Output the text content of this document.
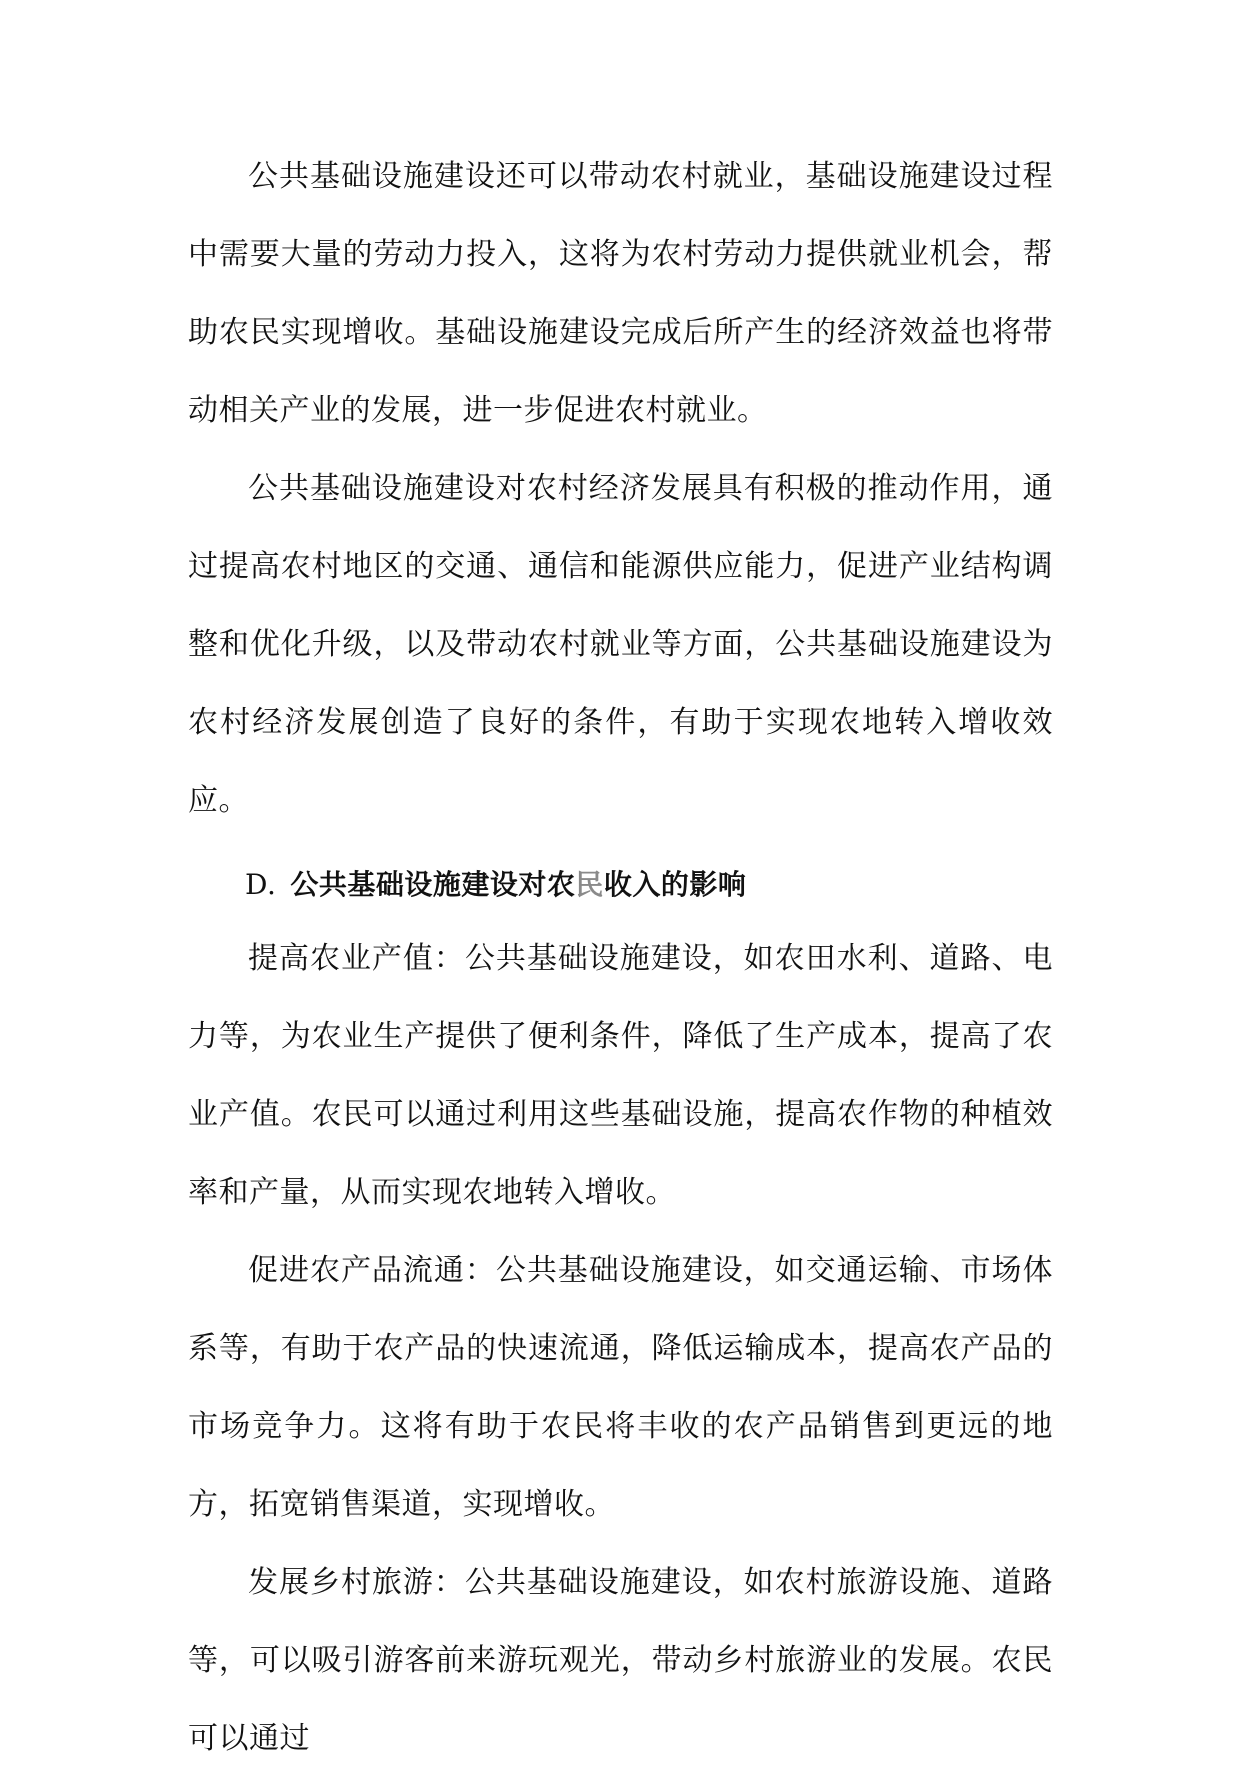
公共基础设施建设还可以带动农村就业，基础设施建设过程中需要大量的劳动力投入，这将为农村劳动力提供就业机会，帮助农民实现增收。基础设施建设完成后所产生的经济效益也将带动相关产业的发展，进一步促进农村就业。

公共基础设施建设对农村经济发展具有积极的推动作用，通过提高农村地区的交通、通信和能源供应能力，促进产业结构调整和优化升级，以及带动农村就业等方面，公共基础设施建设为农村经济发展创造了良好的条件，有助于实现农地转入增收效应。

D. 公共基础设施建设对农民收入的影响

提高农业产值：公共基础设施建设，如农田水利、道路、电力等，为农业生产提供了便利条件，降低了生产成本，提高了农业产值。农民可以通过利用这些基础设施，提高农作物的种植效率和产量，从而实现农地转入增收。

促进农产品流通：公共基础设施建设，如交通运输、市场体系等，有助于农产品的快速流通，降低运输成本，提高农产品的市场竞争力。这将有助于农民将丰收的农产品销售到更远的地方，拓宽销售渠道，实现增收。

发展乡村旅游：公共基础设施建设，如农村旅游设施、道路等，可以吸引游客前来游玩观光，带动乡村旅游业的发展。农民可以通过
